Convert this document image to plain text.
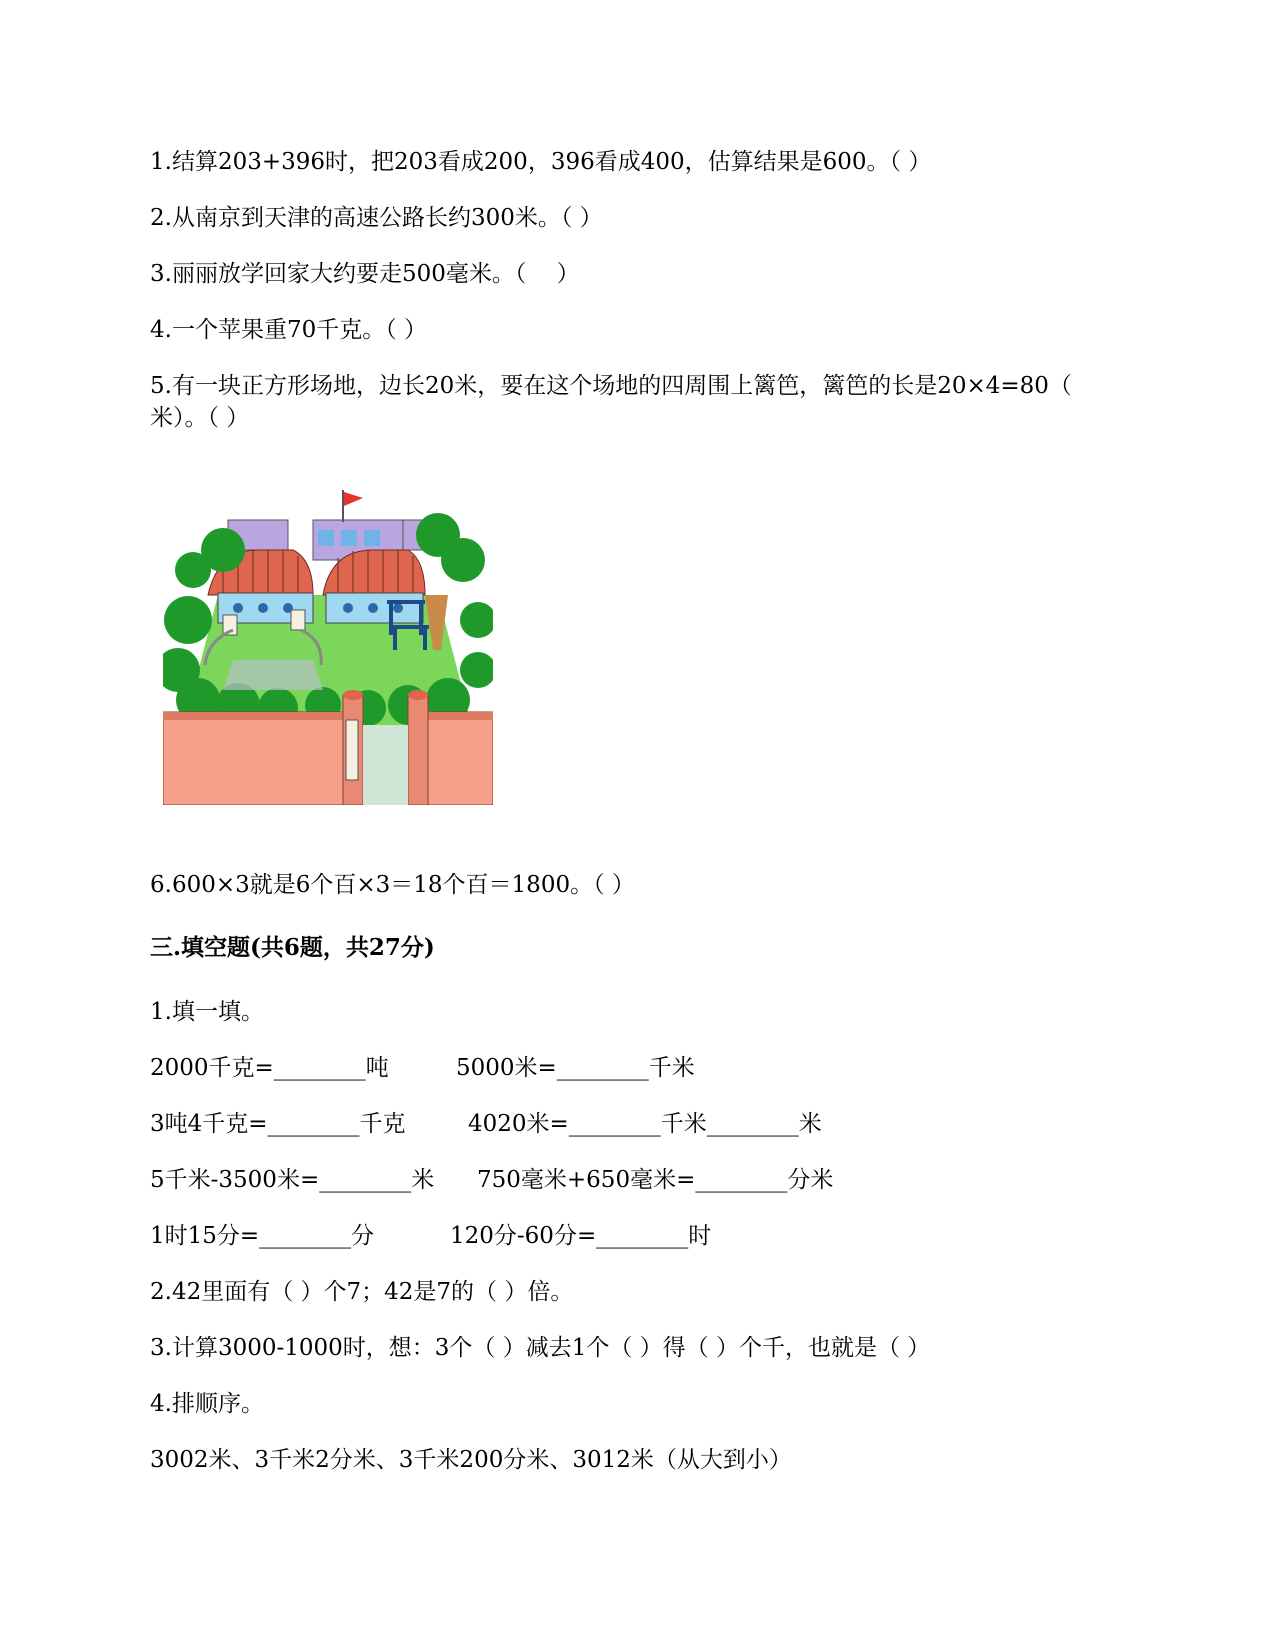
1.结算203+396时，把203看成200，396看成400，估算结果是600。（ ）
2.从南京到天津的高速公路长约300米。（ ）
3.丽丽放学回家大约要走500毫米。（　 ）
4.一个苹果重70千克。（ ）
5.有一块正方形场地，边长20米，要在这个场地的四周围上篱笆，篱笆的长是20×4=80（
米）。（ ）
6.600×3就是6个百×3＝18个百＝1800。（ ）
三.填空题(共6题，共27分)
1.填一填。
2000千克=________吨	5000米=________千米
3吨4千克=________千克	4020米=________千米________米
5千米-3500米=________米 750毫米+650毫米=________分米
1时15分=________分	120分-60分=________时
2.42里面有（ ）个7；42是7的（ ）倍。
3.计算3000-1000时，想：3个（ ）减去1个（ ）得（ ）个千，也就是（ ）
4.排顺序。
3002米、3千米2分米、3千米200分米、3012米（从大到小）
